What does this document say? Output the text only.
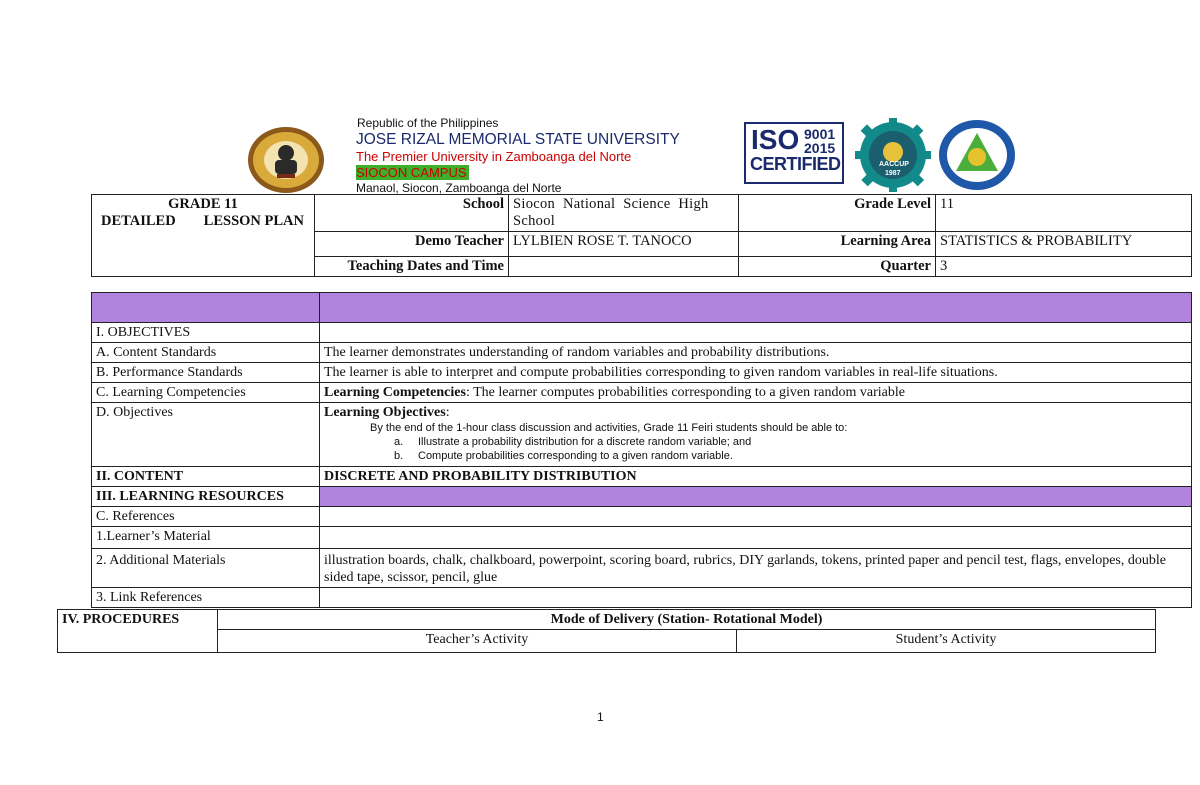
Republic of the Philippines
JOSE RIZAL MEMORIAL STATE UNIVERSITY
The Premier University in Zamboanga del Norte
SIOCON CAMPUS
Manaol, Siocon, Zamboanga del Norte
ISO 9001
2015
CERTIFIED	AACCUP
1987
GRADE 11
DETAILED LESSON PLAN	School	Siocon National Science High School	Grade Level	11
	Demo Teacher	LYLBIEN ROSE T. TANOCO	Learning Area	STATISTICS & PROBABILITY
	Teaching Dates and Time		Quarter	3

I. OBJECTIVES	
A. Content Standards	The learner demonstrates understanding of random variables and probability distributions.
B. Performance Standards	The learner is able to interpret and compute probabilities corresponding to given random variables in real-life situations.
C. Learning Competencies	Learning Competencies: The learner computes probabilities corresponding to a given random variable
D. Objectives	Learning Objectives:
By the end of the 1-hour class discussion and activities, Grade 11 Feiri students should be able to:
a. Illustrate a probability distribution for a discrete random variable; and
b. Compute probabilities corresponding to a given random variable.

II. CONTENT	DISCRETE AND PROBABILITY DISTRIBUTION
III. LEARNING RESOURCES	
C. References	
1.Learner’s Material	
2. Additional Materials	illustration boards, chalk, chalkboard, powerpoint, scoring board, rubrics, DIY garlands, tokens, printed paper and pencil test, flags, envelopes, double sided tape, scissor, pencil, glue
3. Link References	
IV. PROCEDURES	Mode of Delivery (Station- Rotational Model)	
	Teacher’s Activity	Student’s Activity
1
